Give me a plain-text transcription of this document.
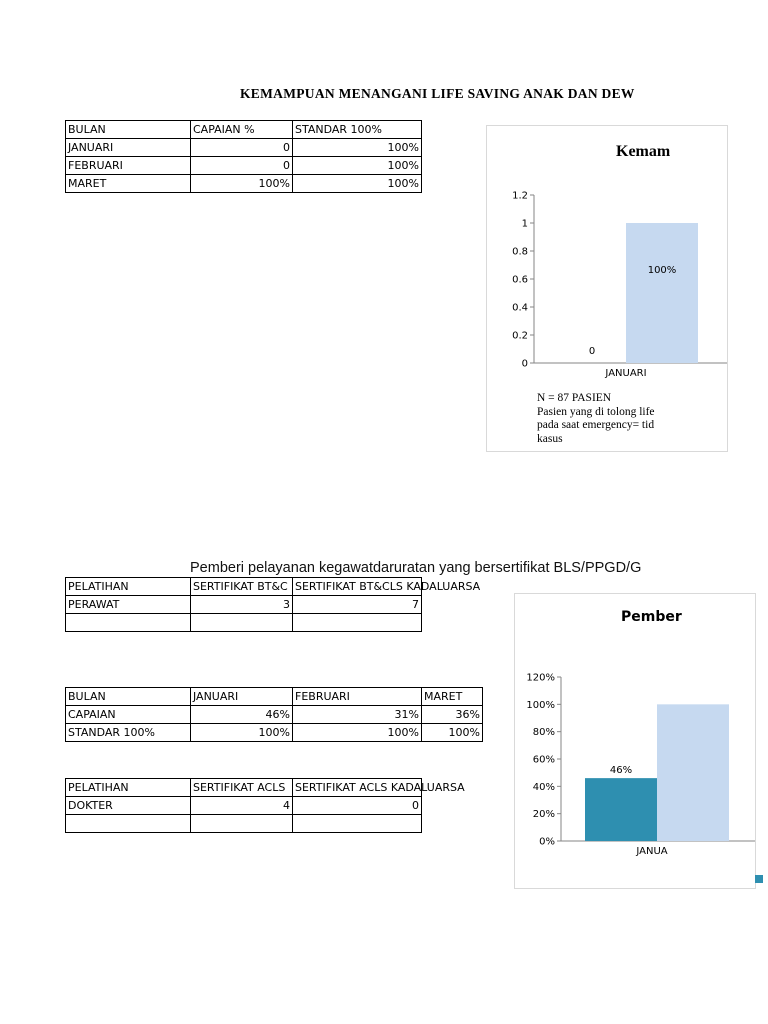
KEMAMPUAN MENANGANI LIFE SAVING ANAK DAN DEW
BULAN	CAPAIAN %	STANDAR 100%
JANUARI	0	100%
FEBRUARI	0	100%
MARET	100%	100%
Kemam
0
0.2
0.4
0.6
0.8
1
1.2
0
100%
JANUARI
N = 87 PASIEN
Pasien yang di tolong life
pada saat emergency= tid
kasus
Pemberi pelayanan kegawatdaruratan yang bersertifikat BLS/PPGD/G
PELATIHAN	SERTIFIKAT BT&C	SERTIFIKAT BT&CLS KADALUARSA
PERAWAT	3	7

BULAN	JANUARI	FEBRUARI	MARET
CAPAIAN	46%	31%	36%
STANDAR 100%	100%	100%	100%
PELATIHAN	SERTIFIKAT ACLS	SERTIFIKAT ACLS KADALUARSA
DOKTER	4	0

Pember
0%
20%
40%
60%
80%
100%
120%
46%
JANUA
